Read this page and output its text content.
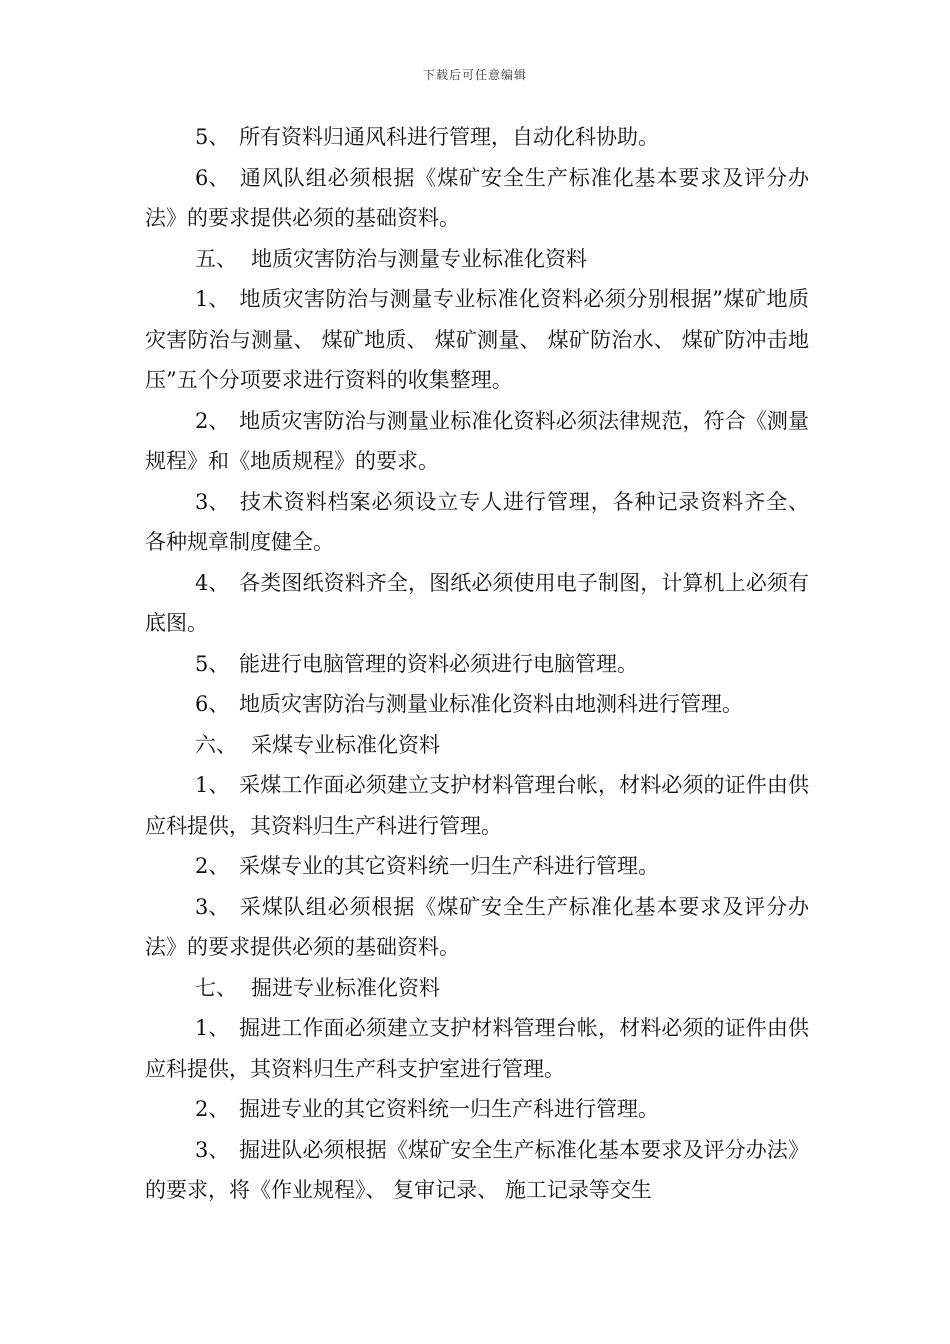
下载后可任意编辑

5、 所有资料归通风科进行管理，自动化科协助。

6、 通风队组必须根据《煤矿安全生产标准化基本要求及评分办法》的要求提供必须的基础资料。

五、 地质灾害防治与测量专业标准化资料

1、 地质灾害防治与测量专业标准化资料必须分别根据”煤矿地质灾害防治与测量、 煤矿地质、 煤矿测量、 煤矿防治水、 煤矿防冲击地压”五个分项要求进行资料的收集整理。

2、 地质灾害防治与测量业标准化资料必须法律规范，符合《测量规程》和《地质规程》的要求。

3、 技术资料档案必须设立专人进行管理，各种记录资料齐全、 各种规章制度健全。

4、 各类图纸资料齐全，图纸必须使用电子制图，计算机上必须有底图。

5、 能进行电脑管理的资料必须进行电脑管理。

6、 地质灾害防治与测量业标准化资料由地测科进行管理。

六、 采煤专业标准化资料

1、 采煤工作面必须建立支护材料管理台帐，材料必须的证件由供应科提供，其资料归生产科进行管理。

2、 采煤专业的其它资料统一归生产科进行管理。

3、 采煤队组必须根据《煤矿安全生产标准化基本要求及评分办法》的要求提供必须的基础资料。

七、 掘进专业标准化资料

1、 掘进工作面必须建立支护材料管理台帐，材料必须的证件由供应科提供，其资料归生产科支护室进行管理。

2、 掘进专业的其它资料统一归生产科进行管理。

3、 掘进队必须根据《煤矿安全生产标准化基本要求及评分办法》的要求，将《作业规程》、 复审记录、 施工记录等交生
